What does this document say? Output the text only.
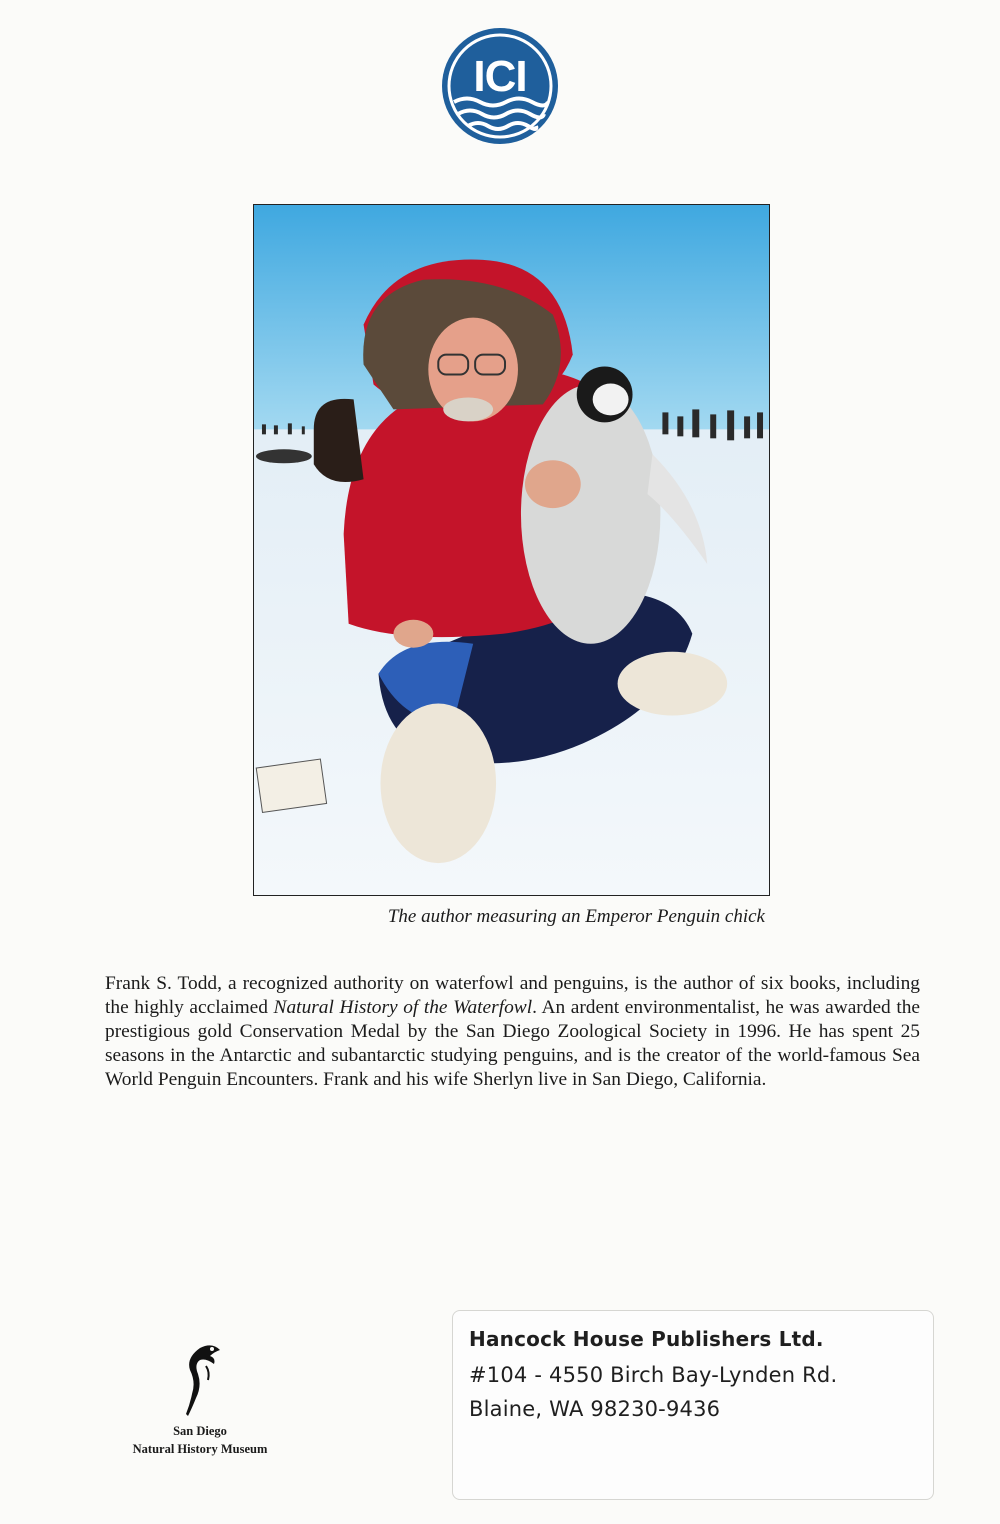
ICI
The author measuring an Emperor Penguin chick

Frank S. Todd, a recognized authority on waterfowl and penguins, is the author of six books, including the highly acclaimed Natural History of the Waterfowl. An ardent environmentalist, he was awarded the prestigious gold Conservation Medal by the San Diego Zoological Society in 1996. He has spent 25 seasons in the Antarctic and subantarctic studying penguins, and is the creator of the world-famous Sea World Penguin Encounters. Frank and his wife Sherlyn live in San Diego, California.

San Diego
Natural History Museum
Hancock House Publishers Ltd.
#104 - 4550 Birch Bay-Lynden Rd.
Blaine, WA 98230-9436
